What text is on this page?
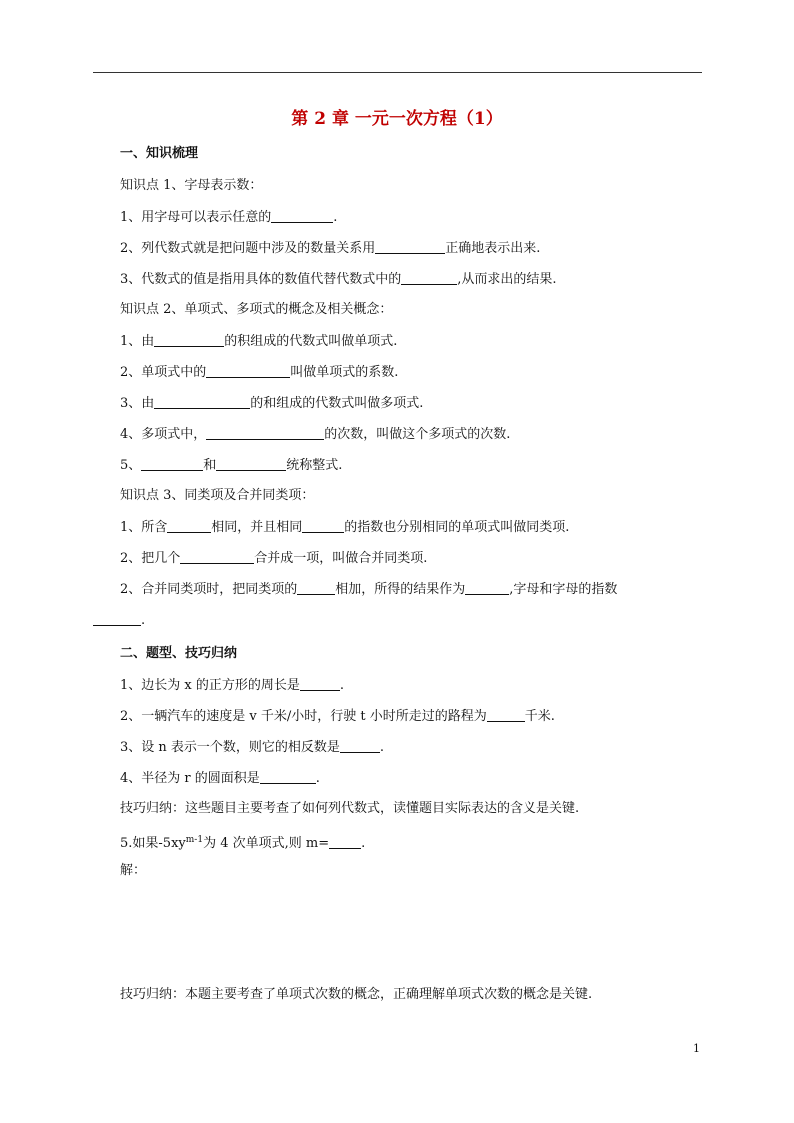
第 2 章 一元一次方程（1）
一、知识梳理
知识点 1、字母表示数：
1、用字母可以表示任意的	.
2、列代数式就是把问题中涉及的数量关系用	正确地表示出来.
3、代数式的值是指用具体的数值代替代数式中的	,从而求出的结果.
知识点 2、单项式、多项式的概念及相关概念：
1、由	的积组成的代数式叫做单项式.
2、单项式中的	叫做单项式的系数.
3、由	的和组成的代数式叫做多项式.
4、多项式中，	的次数，叫做这个多项式的次数.
5、	和	统称整式.
知识点 3、同类项及合并同类项：
1、所含	相同，并且相同	的指数也分别相同的单项式叫做同类项.
2、把几个	合并成一项，叫做合并同类项.
2、合并同类项时，把同类项的	相加，所得的结果作为	,字母和字母的指数
.
二、题型、技巧归纳
1、边长为 x 的正方形的周长是	.
2、一辆汽车的速度是 v 千米/小时，行驶 t 小时所走过的路程为	千米.
3、设 n 表示一个数，则它的相反数是	.
4、半径为 r 的圆面积是	.
技巧归纳：这些题目主要考查了如何列代数式，读懂题目实际表达的含义是关键.
5.如果$-5xy^{m-1}$为 4 次单项式,则 m= .
解：
技巧归纳：本题主要考查了单项式次数的概念，正确理解单项式次数的概念是关键.
1
